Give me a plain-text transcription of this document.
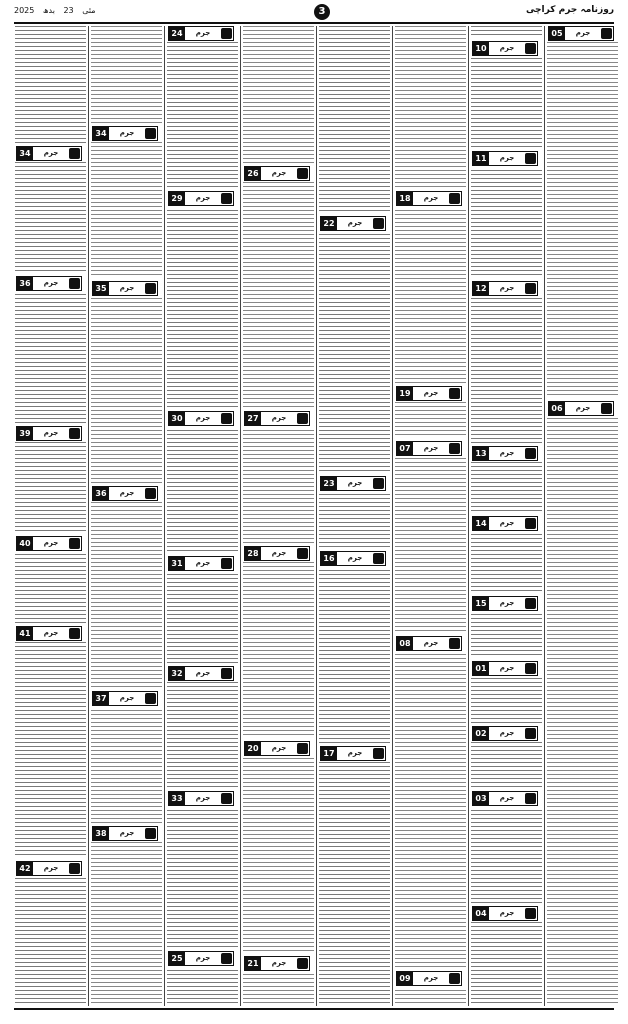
2025	مئی 23 بدھ	3	روزنامہ جرم کراچی
34	جرم
36	جرم
39	جرم
40	جرم
41	جرم
42	جرم
34	جرم
35	جرم
36	جرم
37	جرم
38	جرم
24	جرم
29	جرم
30	جرم
31	جرم
32	جرم
33	جرم
25	جرم
26	جرم
27	جرم
28	جرم
20	جرم
21	جرم
22	جرم
23	جرم
16	جرم
17	جرم
18	جرم
19	جرم
07	جرم
08	جرم
09	جرم
10	جرم
11	جرم
12	جرم
13	جرم
14	جرم
15	جرم
01	جرم
02	جرم
03	جرم
04	جرم
05	جرم
06	جرم
